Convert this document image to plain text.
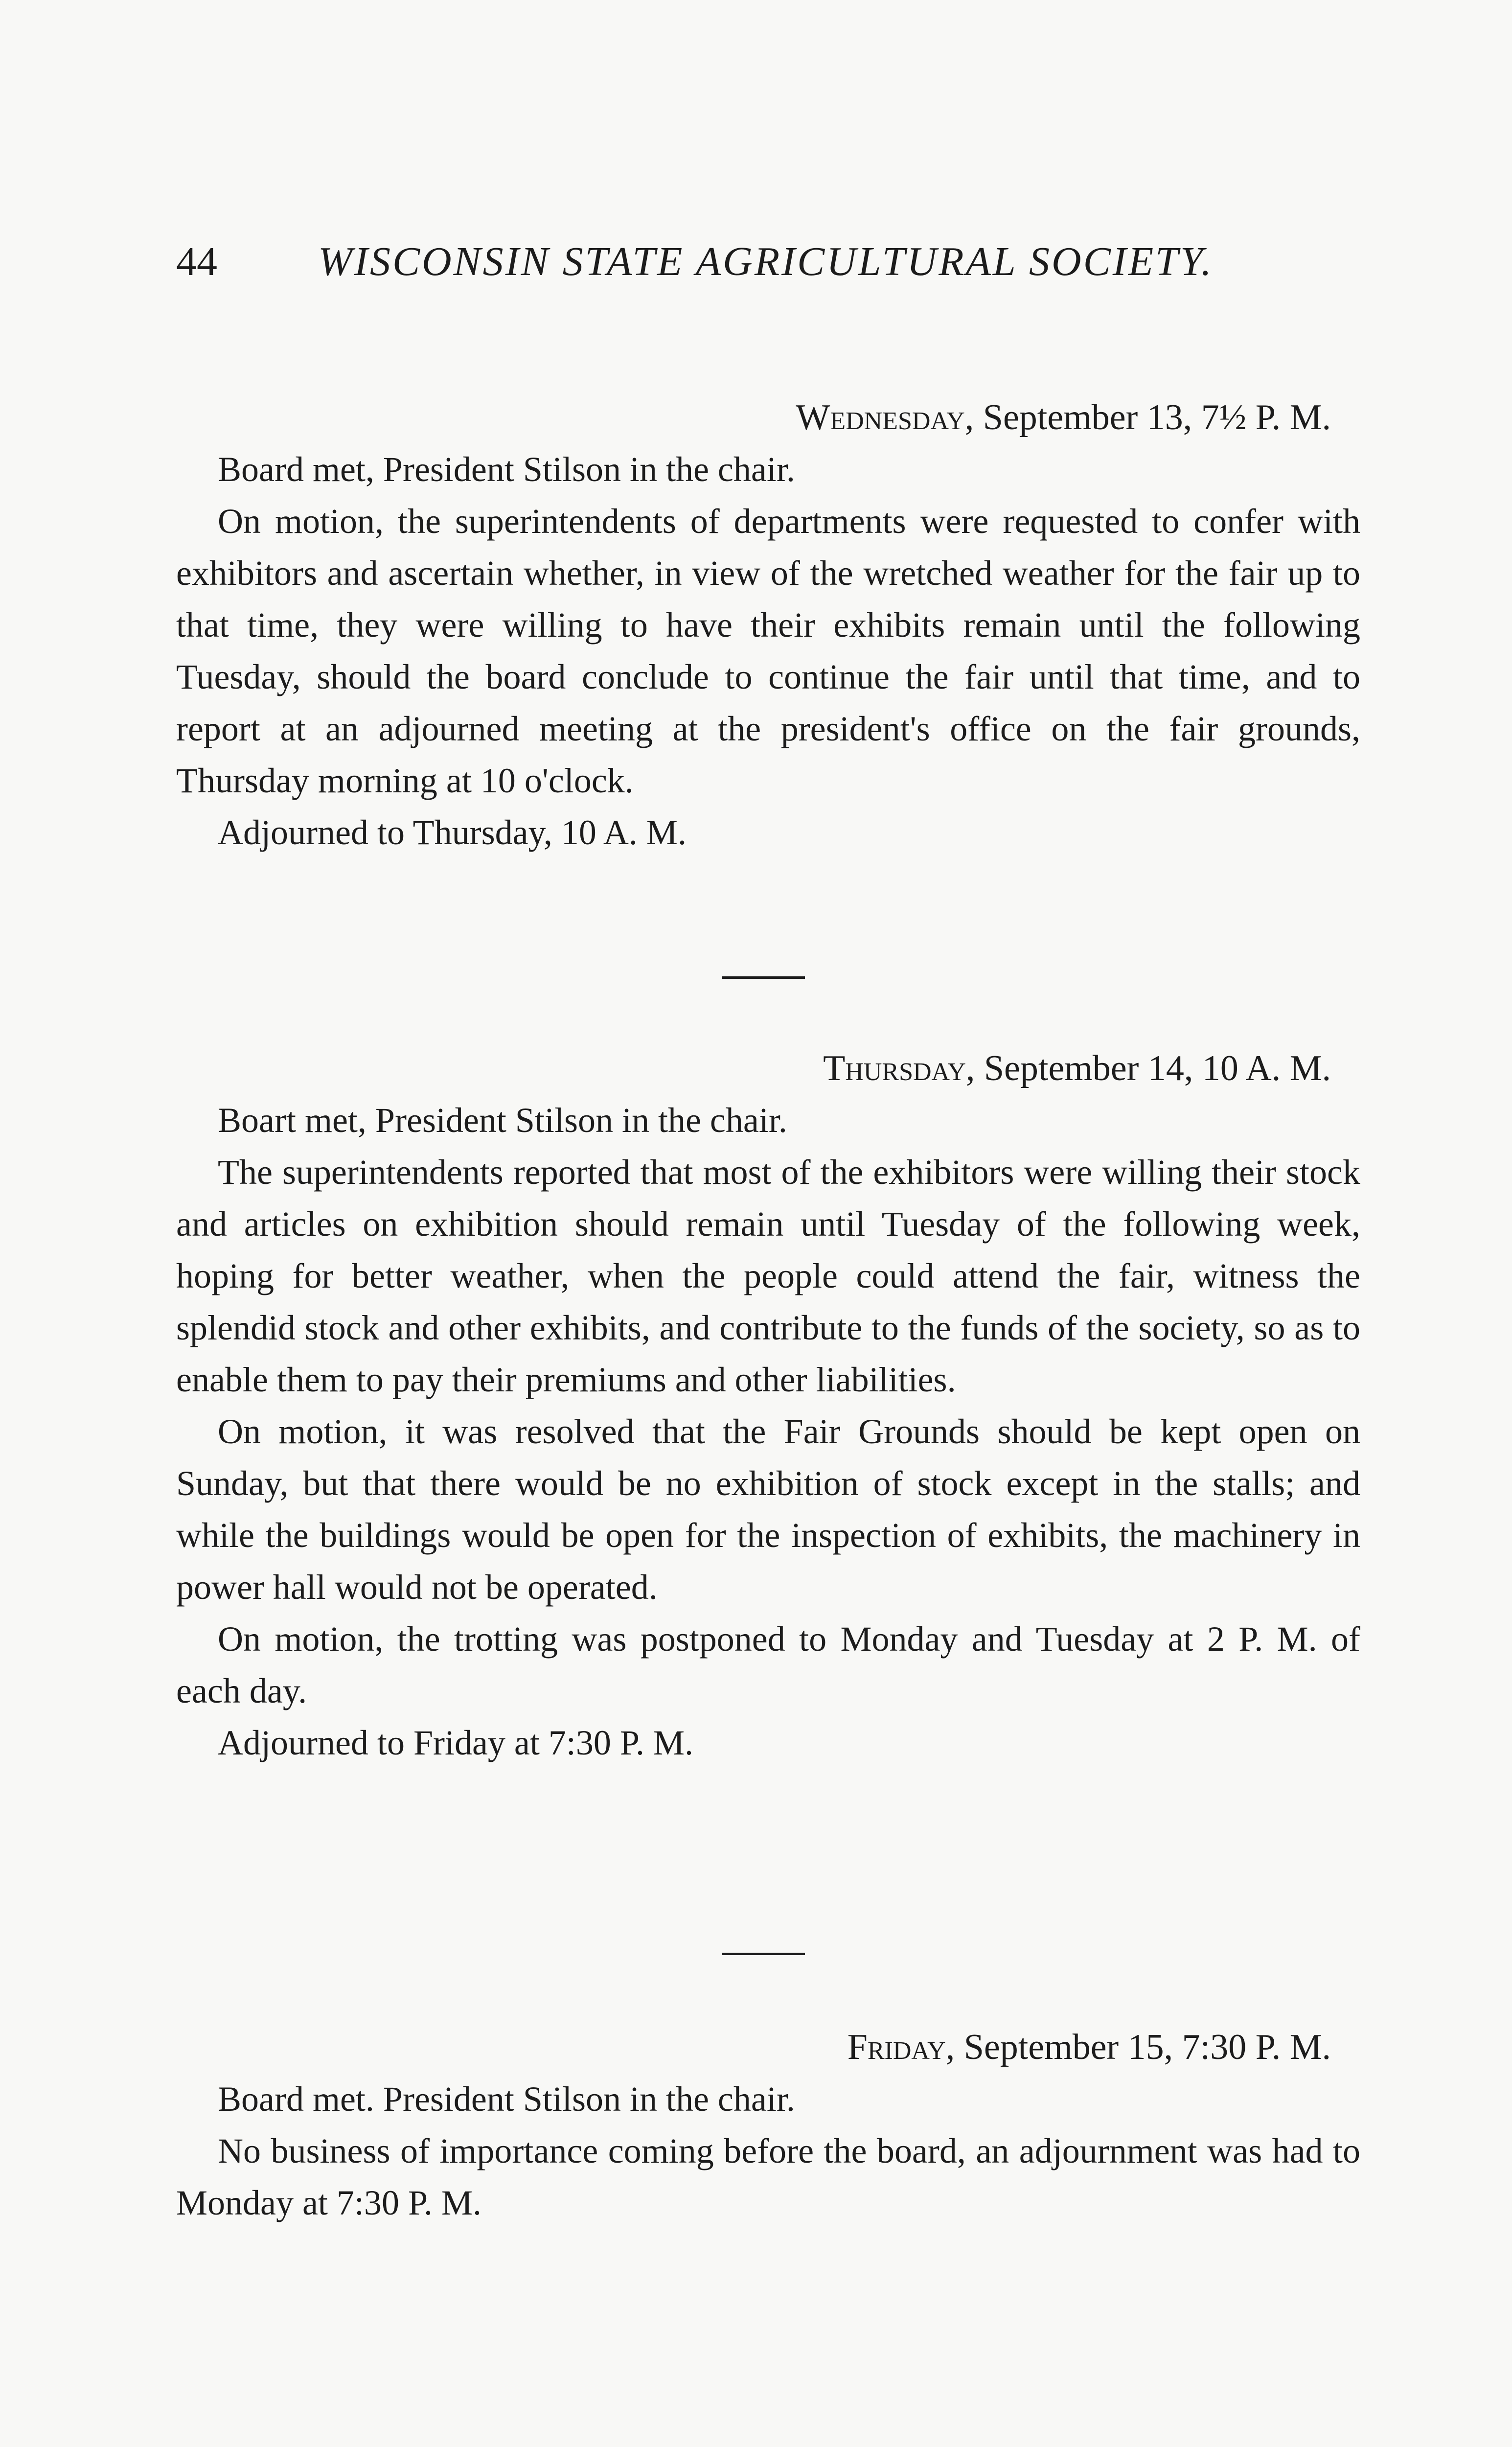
44 WISCONSIN STATE AGRICULTURAL SOCIETY.
Wednesday, September 13, 7½ P. M.

Board met, President Stilson in the chair.

On motion, the superintendents of departments were requested to confer with exhibitors and ascertain whether, in view of the wretched weather for the fair up to that time, they were willing to have their exhibits remain until the following Tuesday, should the board conclude to continue the fair until that time, and to report at an adjourned meeting at the president's office on the fair grounds, Thursday morning at 10 o'clock.

Adjourned to Thursday, 10 A. M.

Thursday, September 14, 10 A. M.

Boart met, President Stilson in the chair.

The superintendents reported that most of the exhibitors were willing their stock and articles on exhibition should remain until Tuesday of the following week, hoping for better weather, when the people could attend the fair, witness the splendid stock and other exhibits, and contribute to the funds of the society, so as to enable them to pay their premiums and other liabilities.

On motion, it was resolved that the Fair Grounds should be kept open on Sunday, but that there would be no exhibition of stock except in the stalls; and while the buildings would be open for the inspection of exhibits, the machinery in power hall would not be operated.

On motion, the trotting was postponed to Monday and Tuesday at 2 P. M. of each day.

Adjourned to Friday at 7:30 P. M.

Friday, September 15, 7:30 P. M.

Board met. President Stilson in the chair.

No business of importance coming before the board, an adjournment was had to Monday at 7:30 P. M.
